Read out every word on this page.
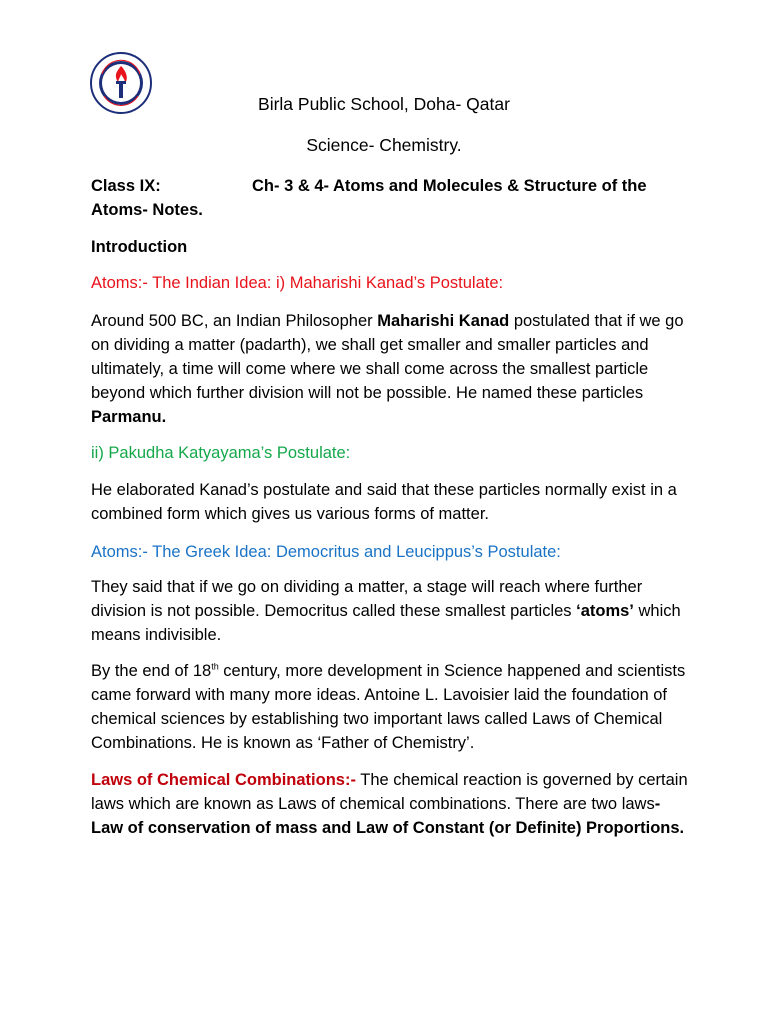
Birla Public School, Doha- Qatar
Science- Chemistry.
Class IX:	Ch- 3 & 4- Atoms and Molecules & Structure of the
Atoms- Notes.
Introduction
Atoms:- The Indian Idea: i) Maharishi Kanad’s Postulate:
Around 500 BC, an Indian Philosopher Maharishi Kanad postulated that if we go on dividing a matter (padarth), we shall get smaller and smaller particles and ultimately, a time will come where we shall come across the smallest particle beyond which further division will not be possible. He named these particles Parmanu.
ii) Pakudha Katyayama’s Postulate:
He elaborated Kanad’s postulate and said that these particles normally exist in a combined form which gives us various forms of matter.
Atoms:- The Greek Idea: Democritus and Leucippus’s Postulate:
They said that if we go on dividing a matter, a stage will reach where further division is not possible. Democritus called these smallest particles ‘atoms’ which means indivisible.
By the end of 18th century, more development in Science happened and scientists came forward with many more ideas. Antoine L. Lavoisier laid the foundation of chemical sciences by establishing two important laws called Laws of Chemical Combinations. He is known as ‘Father of Chemistry’.
Laws of Chemical Combinations:- The chemical reaction is governed by certain laws which are known as Laws of chemical combinations. There are two laws- Law of conservation of mass and Law of Constant (or Definite) Proportions.
